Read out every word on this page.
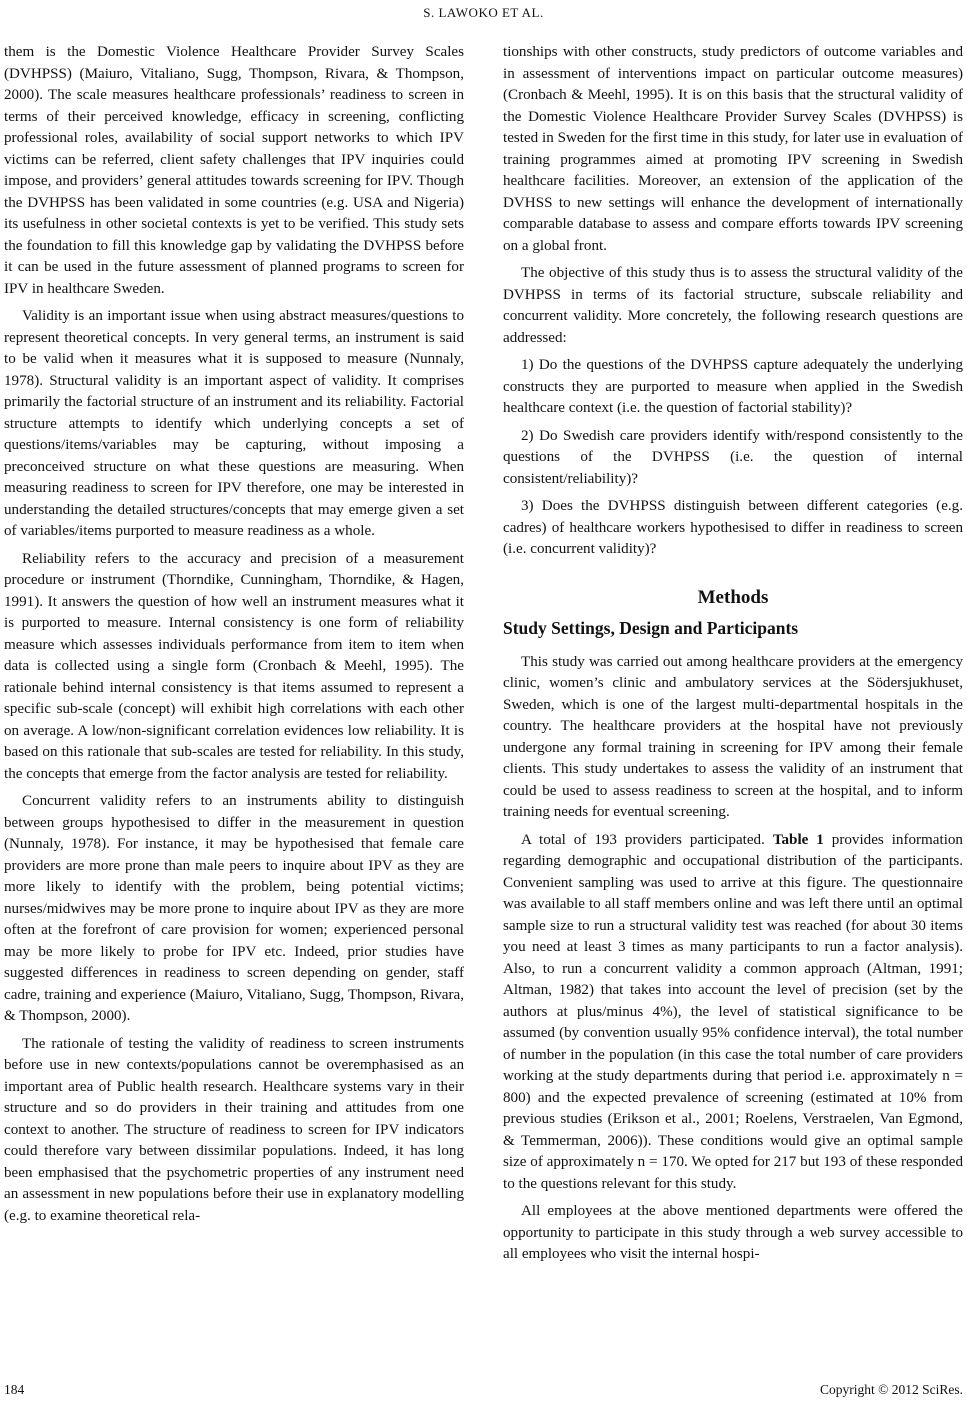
S. LAWOKO ET AL.

them is the Domestic Violence Healthcare Provider Survey Scales (DVHPSS) (Maiuro, Vitaliano, Sugg, Thompson, Rivara, & Thompson, 2000). The scale measures healthcare professionals’ readiness to screen in terms of their perceived knowledge, efficacy in screening, conflicting professional roles, availability of social support networks to which IPV victims can be referred, client safety challenges that IPV inquiries could impose, and providers’ general attitudes towards screening for IPV. Though the DVHPSS has been validated in some countries (e.g. USA and Nigeria) its usefulness in other societal contexts is yet to be verified. This study sets the foundation to fill this knowledge gap by validating the DVHPSS before it can be used in the future assessment of planned programs to screen for IPV in healthcare Sweden.

Validity is an important issue when using abstract measures/questions to represent theoretical concepts. In very general terms, an instrument is said to be valid when it measures what it is supposed to measure (Nunnaly, 1978). Structural validity is an important aspect of validity. It comprises primarily the factorial structure of an instrument and its reliability. Factorial structure attempts to identify which underlying concepts a set of questions/items/variables may be capturing, without imposing a preconceived structure on what these questions are measuring. When measuring readiness to screen for IPV therefore, one may be interested in understanding the detailed structures/concepts that may emerge given a set of variables/items purported to measure readiness as a whole.

Reliability refers to the accuracy and precision of a measurement procedure or instrument (Thorndike, Cunningham, Thorndike, & Hagen, 1991). It answers the question of how well an instrument measures what it is purported to measure. Internal consistency is one form of reliability measure which assesses individuals performance from item to item when data is collected using a single form (Cronbach & Meehl, 1995). The rationale behind internal consistency is that items assumed to represent a specific sub-scale (concept) will exhibit high correlations with each other on average. A low/non-significant correlation evidences low reliability. It is based on this rationale that sub-scales are tested for reliability. In this study, the concepts that emerge from the factor analysis are tested for reliability.

Concurrent validity refers to an instruments ability to distinguish between groups hypothesised to differ in the measurement in question (Nunnaly, 1978). For instance, it may be hypothesised that female care providers are more prone than male peers to inquire about IPV as they are more likely to identify with the problem, being potential victims; nurses/midwives may be more prone to inquire about IPV as they are more often at the forefront of care provision for women; experienced personal may be more likely to probe for IPV etc. Indeed, prior studies have suggested differences in readiness to screen depending on gender, staff cadre, training and experience (Maiuro, Vitaliano, Sugg, Thompson, Rivara, & Thompson, 2000).

The rationale of testing the validity of readiness to screen instruments before use in new contexts/populations cannot be overemphasised as an important area of Public health research. Healthcare systems vary in their structure and so do providers in their training and attitudes from one context to another. The structure of readiness to screen for IPV indicators could therefore vary between dissimilar populations. Indeed, it has long been emphasised that the psychometric properties of any instrument need an assessment in new populations before their use in explanatory modelling (e.g. to examine theoretical rela-

tionships with other constructs, study predictors of outcome variables and in assessment of interventions impact on particular outcome measures) (Cronbach & Meehl, 1995). It is on this basis that the structural validity of the Domestic Violence Healthcare Provider Survey Scales (DVHPSS) is tested in Sweden for the first time in this study, for later use in evaluation of training programmes aimed at promoting IPV screening in Swedish healthcare facilities. Moreover, an extension of the application of the DVHSS to new settings will enhance the development of internationally comparable database to assess and compare efforts towards IPV screening on a global front.

The objective of this study thus is to assess the structural validity of the DVHPSS in terms of its factorial structure, subscale reliability and concurrent validity. More concretely, the following research questions are addressed:

1) Do the questions of the DVHPSS capture adequately the underlying constructs they are purported to measure when applied in the Swedish healthcare context (i.e. the question of factorial stability)?

2) Do Swedish care providers identify with/respond consistently to the questions of the DVHPSS (i.e. the question of internal consistent/reliability)?

3) Does the DVHPSS distinguish between different categories (e.g. cadres) of healthcare workers hypothesised to differ in readiness to screen (i.e. concurrent validity)?

Methods
Study Settings, Design and Participants

This study was carried out among healthcare providers at the emergency clinic, women’s clinic and ambulatory services at the Södersjukhuset, Sweden, which is one of the largest multi-departmental hospitals in the country. The healthcare providers at the hospital have not previously undergone any formal training in screening for IPV among their female clients. This study undertakes to assess the validity of an instrument that could be used to assess readiness to screen at the hospital, and to inform training needs for eventual screening.

A total of 193 providers participated. Table 1 provides information regarding demographic and occupational distribution of the participants. Convenient sampling was used to arrive at this figure. The questionnaire was available to all staff members online and was left there until an optimal sample size to run a structural validity test was reached (for about 30 items you need at least 3 times as many participants to run a factor analysis). Also, to run a concurrent validity a common approach (Altman, 1991; Altman, 1982) that takes into account the level of precision (set by the authors at plus/minus 4%), the level of statistical significance to be assumed (by convention usually 95% confidence interval), the total number of number in the population (in this case the total number of care providers working at the study departments during that period i.e. approximately n = 800) and the expected prevalence of screening (estimated at 10% from previous studies (Erikson et al., 2001; Roelens, Verstraelen, Van Egmond, & Temmerman, 2006)). These conditions would give an optimal sample size of approximately n = 170. We opted for 217 but 193 of these responded to the questions relevant for this study.

All employees at the above mentioned departments were offered the opportunity to participate in this study through a web survey accessible to all employees who visit the internal hospi-

184	Copyright © 2012 SciRes.
